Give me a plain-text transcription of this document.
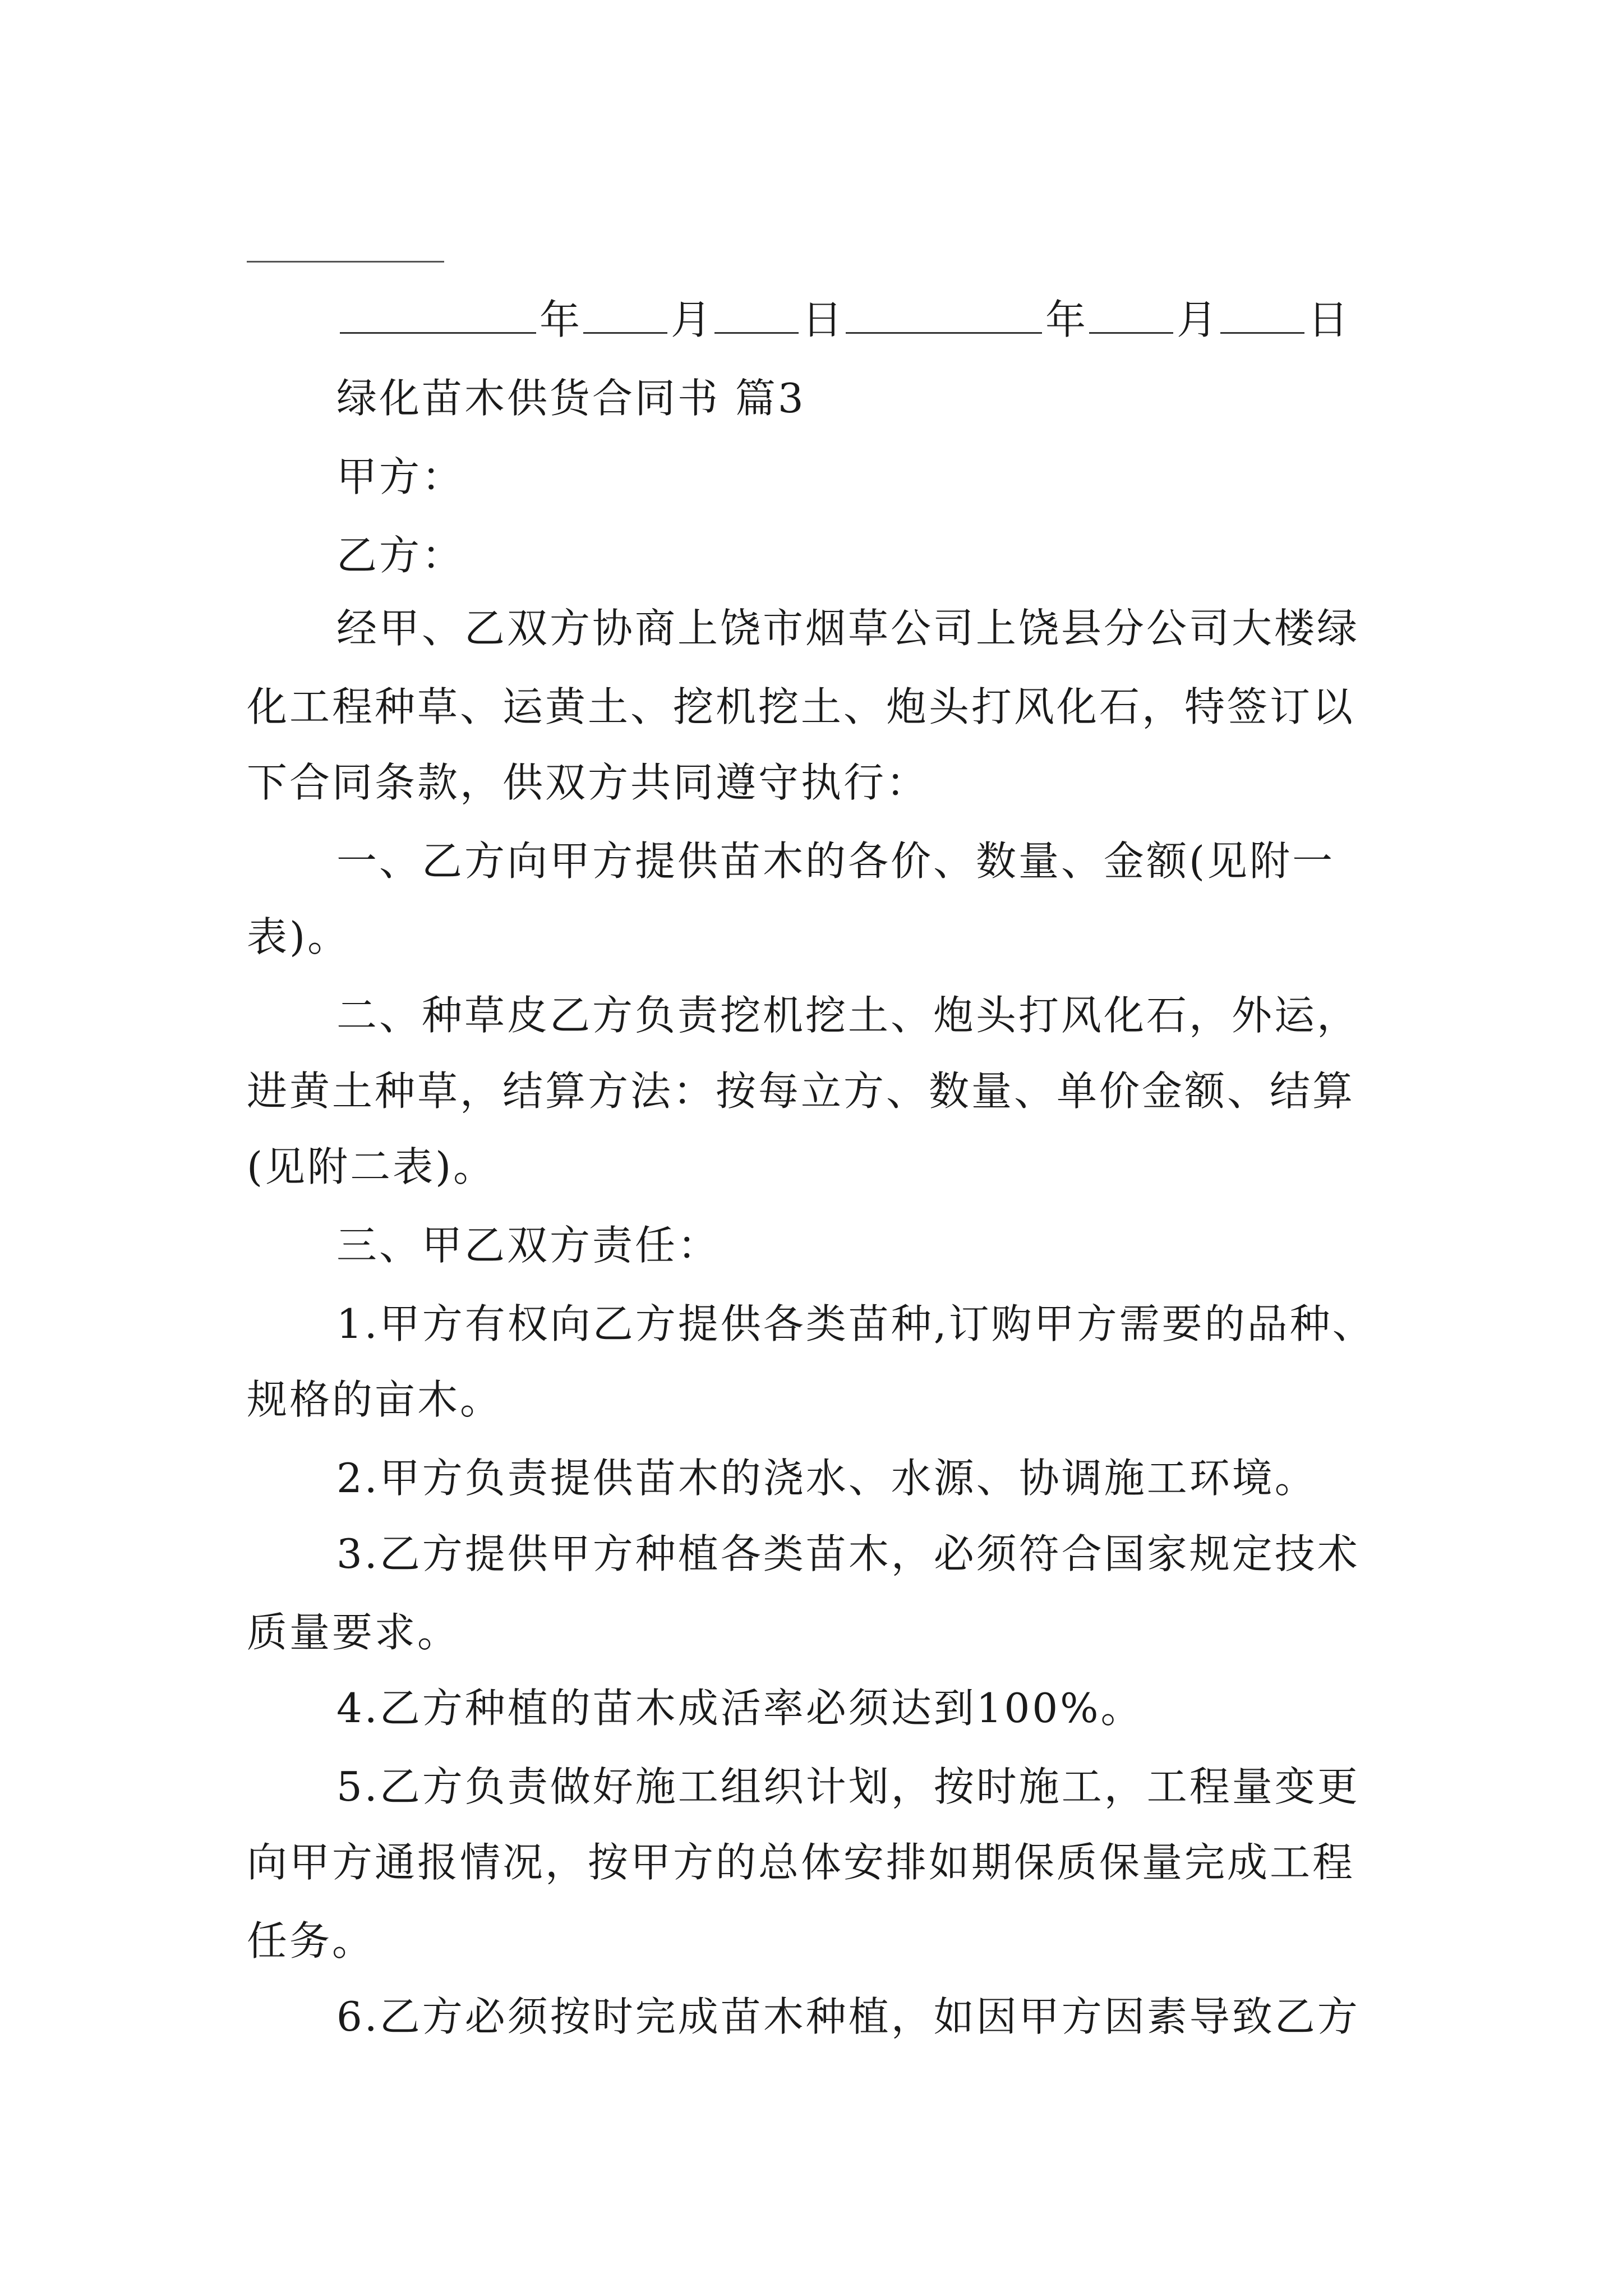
年 月 日	年 月 日
绿化苗木供货合同书 篇3
甲方：
乙方：
经甲、乙双方协商上饶市烟草公司上饶县分公司大楼绿
化工程种草、运黄土、挖机挖土、炮头打风化石，特签订以
下合同条款，供双方共同遵守执行：
一、乙方向甲方提供苗木的各价、数量、金额(见附一
表)。
二、种草皮乙方负责挖机挖土、炮头打风化石，外运，
进黄土种草，结算方法：按每立方、数量、单价金额、结算
(见附二表)。
三、甲乙双方责任：
1.甲方有权向乙方提供各类苗种,订购甲方需要的品种、
规格的亩木。
2.甲方负责提供苗木的浇水、水源、协调施工环境。
3.乙方提供甲方种植各类苗木，必须符合国家规定技术
质量要求。
4.乙方种植的苗木成活率必须达到100%。
5.乙方负责做好施工组织计划，按时施工，工程量变更
向甲方通报情况，按甲方的总体安排如期保质保量完成工程
任务。
6.乙方必须按时完成苗木种植，如因甲方因素导致乙方
